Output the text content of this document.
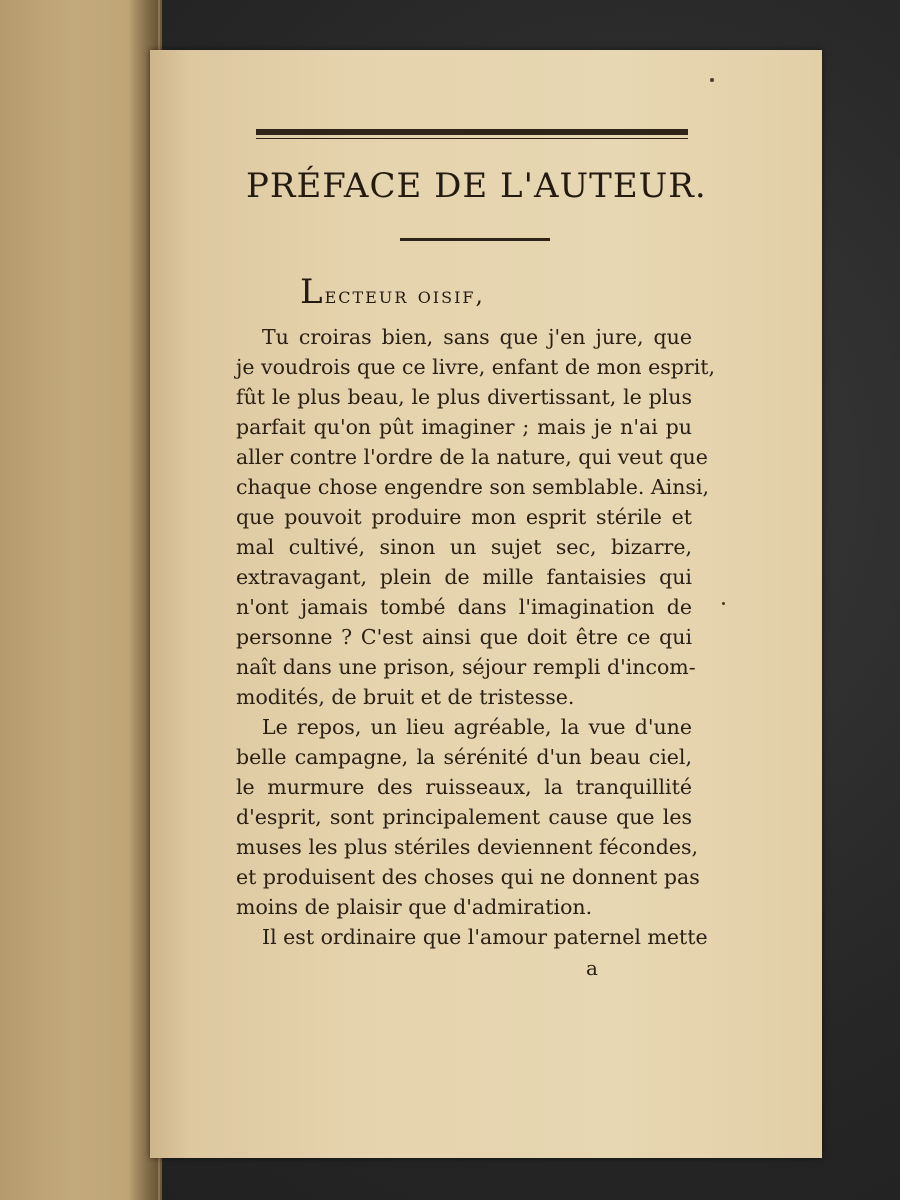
PRÉFACE DE L'AUTEUR.
Lecteur oisif,
Tu croiras bien, sans que j'en jure, que
je voudrois que ce livre, enfant de mon esprit,
fût le plus beau, le plus divertissant, le plus
parfait qu'on pût imaginer ; mais je n'ai pu
aller contre l'ordre de la nature, qui veut que
chaque chose engendre son semblable. Ainsi,
que pouvoit produire mon esprit stérile et
mal cultivé, sinon un sujet sec, bizarre,
extravagant, plein de mille fantaisies qui
n'ont jamais tombé dans l'imagination de
personne ? C'est ainsi que doit être ce qui
naît dans une prison, séjour rempli d'incom-
modités, de bruit et de tristesse.
Le repos, un lieu agréable, la vue d'une
belle campagne, la sérénité d'un beau ciel,
le murmure des ruisseaux, la tranquillité
d'esprit, sont principalement cause que les
muses les plus stériles deviennent fécondes,
et produisent des choses qui ne donnent pas
moins de plaisir que d'admiration.
Il est ordinaire que l'amour paternel mette
a
